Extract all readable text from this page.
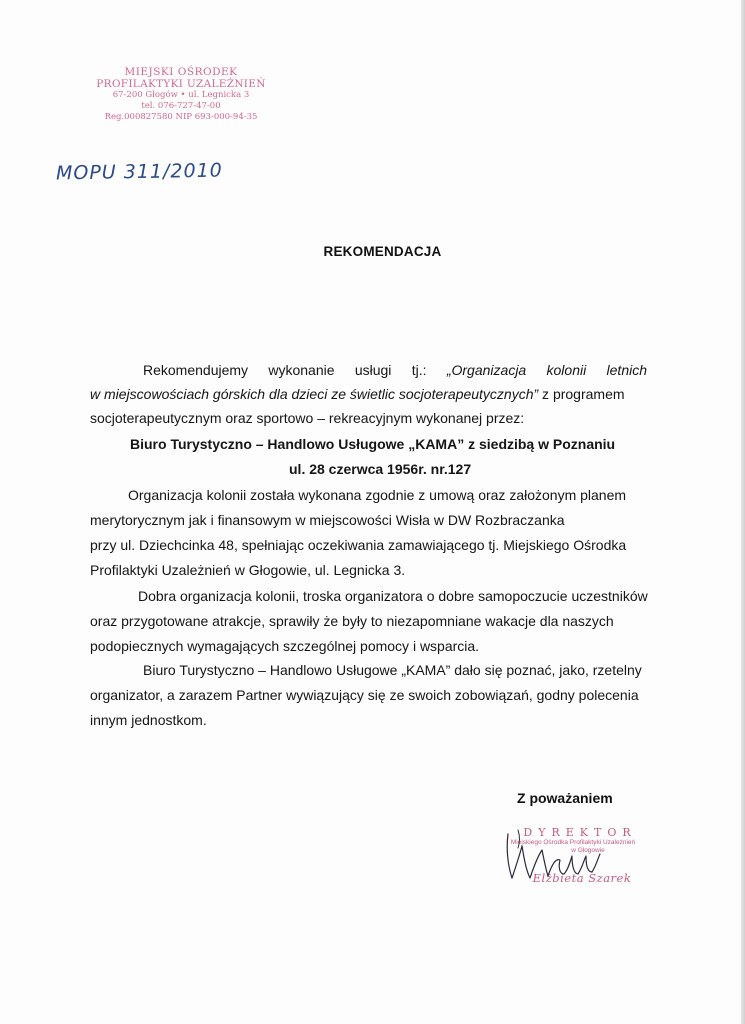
MIEJSKI OŚRODEK
PROFILAKTYKI UZALEŻNIEŃ
67-200 Głogów • ul. Legnicka 3
tel. 076-727-47-00
Reg.000827580 NIP 693-000-94-35
MOPU 311/2010
REKOMENDACJA
Rekomendujemy wykonanie usługi tj.: „Organizacja kolonii letnich
w miejscowościach górskich dla dzieci ze świetlic socjoterapeutycznych” z programem
socjoterapeutycznym oraz sportowo – rekreacyjnym wykonanej przez:
Biuro Turystyczno – Handlowo Usługowe „KAMA” z siedzibą w Poznaniu
ul. 28 czerwca 1956r. nr.127
Organizacja kolonii została wykonana zgodnie z umową oraz założonym planem
merytorycznym jak i finansowym w miejscowości Wisła w DW Rozbraczanka
przy ul. Dziechcinka 48, spełniając oczekiwania zamawiającego tj. Miejskiego Ośrodka
Profilaktyki Uzależnień w Głogowie, ul. Legnicka 3.
Dobra organizacja kolonii, troska organizatora o dobre samopoczucie uczestników
oraz przygotowane atrakcje, sprawiły że były to niezapomniane wakacje dla naszych
podopiecznych wymagających szczególnej pomocy i wsparcia.
Biuro Turystyczno – Handlowo Usługowe „KAMA” dało się poznać, jako, rzetelny
organizator, a zarazem Partner wywiązujący się ze swoich zobowiązań, godny polecenia
innym jednostkom.
Z poważaniem
DYREKTOR
Miejskiego Ośrodka Profilaktyki Uzależnień
w Głogowie
Elżbieta Szarek
